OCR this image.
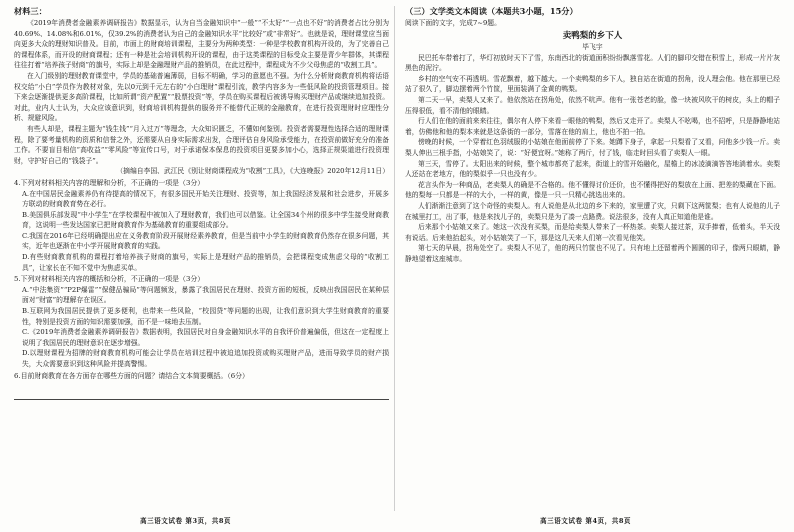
材料三：

《2019年消费者金融素养调研报告》数据显示，认为自当金融知识中“一般”“不太好”“一点也不好”的消费者占比分别为40.69%、14.08%和6.01%，仅39.2%的消费者认为自己的金融知识水平“比较好”或“非常好”。也就是说，理财课堂应当面向更多大众的理财知识普及。目前，市面上的财商培训课程，主要分为两种类型：一种是学校教育机构开设的，为了完善自己的课程体系，而开设的财商课程；还有一种是社会培训机构开设的课程，由于这类课程的目标受众主要是青少年群体，其课程往往打着“培养孩子财商”的旗号，实际上却是金融理财产品的推销员，在此过程中，课程成为不少父母焦虑的“收割工具”。

在入门级别的理财教育课堂中，学员的基础普遍薄弱，目标不明确，学习的意愿也不强。为什么分析财商教育机构将话语权交给“小白”学员作为教材对象，先以0元到千元左右的“小白理财”课程引流，教学内容多为一些低风险的投资管理项目。接下来会逐渐提供更多高阶课程，比如所谓“资产配置”“股票投资”等，学员在购买课程后被诱导购买理财产品或继续追加投资。对此，业内人士认为，大众应该意识到，财商培训机构提供的服务并不能替代正规的金融教育，在进行投资理财时应理性分析、规避风险。

有些人却是，课程主题为“钱生钱”“月入过万”等理念，大众知识匮乏，不懂如何鉴别。投资者需要理性选择合适的理财课程，除了要考量机构的资质和信誉之外，还需要从自身实际需求出发，合理评估自身风险承受能力，在投资前做好充分的准备工作。不要盲目相信“高收益”“零风险”等宣传口号，对于承诺保本保息的投资项目更要多加小心，选择正规渠道进行投资理财，守护好自己的“钱袋子”。

（摘编自李国、武江民《别让财商课程成为“收割”工具》，《大连晚报》2020年12月11日）

4.下列对材料相关内容的理解和分析，不正确的一项是（3分）

A.在中国居民金融素养仍有待提高的情况下，有很多国民开始关注理财、投资等，加上我国经济发展和社会进步，开展多方联动的财商教育势在必行。

B.美国俱乐部发现“中小学生”在学校课程中被加入了理财教育，我们也可以借鉴。让全国34个州的很多中学生接受财商教育，这说明一些发达国家已把财商教育作为基础教育的重要组成部分。

C.我国在2016年已经明确提出应在义务教育阶段开展财经素养教育，但是当前中小学生的财商教育仍然存在很多问题，其实，近年也逐渐在中小学开展财商教育的实践。

D.有些财商教育机构的课程打着培养孩子财商的旗号，实际上是理财产品的推销员，会把课程变成焦虑父母的“收割工具”，让家长在不知不觉中为焦虑买单。

5.下列对材料相关内容的概括和分析，不正确的一项是（3分）

A.“中法集资”“P2P爆雷”“保健品骗局”等问题频发，暴露了我国居民在理财、投资方面的短板，反映出我国居民在某种层面对“财富”的理解存在误区。

B.互联网为我国居民提供了更多便利，也带来一些风险，“校园贷”等问题的出现，让我们意识到大学生财商教育的重要性，特别是投资方面的知识需要加强，而不是一味地去压制。

C.《2019年消费者金融素养调研报告》数据表明，我国居民对自身金融知识水平的自我评价普遍偏低，但这在一定程度上说明了我国居民的理财意识在逐步增强。

D.以理财课程为招牌的财商教育机构可能会让学员在培训过程中被迫追加投资或购买理财产品，进而导致学员的财产损失，大众需要意识到这种风险并提高警惕。

6.目前财商教育在各方面存在哪些方面的问题？请结合文本简要概括。（6分）

（三）文学类文本阅读（本题共3小题，15分）

阅读下面的文字，完成7~9题。

卖鸭梨的乡下人
毕飞宇

民巴托车带着打了，华灯初放时天下了雪，东南西北的街道面积纷纷飘落雪花。人们的脚印交错在积雪上，形成一片片灰黑色的泥泞。

乡村的空气安不再透明。雪花飘着，越下越大。一个卖鸭梨的乡下人，独自站在街道的拐角，没人理会他。他在那里已经站了很久了，脚边摆着两个竹筐，里面装满了金黄的鸭梨。

第二天一早，卖梨人又来了。他依然站在拐角处，依然不吭声。他有一张苍老的脸，像一块被风吹干的树皮，头上的帽子压得很低，看不清他的眼睛。

行人们在他的面前来来往往，偶尔有人停下来看一眼他的鸭梨，然后又走开了。卖梨人不吆喝，也不招呼，只是静静地站着，仿佛他和他的梨本来就是这条街的一部分，雪落在他的肩上，他也不拍一拍。

傍晚的时候，一个穿着红色羽绒服的小姑娘在他面前停了下来。她蹲下身子，拿起一只梨看了又看，问他多少钱一斤。卖梨人伸出三根手指，小姑娘笑了，说：“好便宜呀。”她称了两斤，付了钱，临走时回头看了卖梨人一眼。

第三天，雪停了。太阳出来的时候，整个城市都亮了起来，街道上的雪开始融化，屋檐上的冰凌滴滴答答地淌着水。卖梨人还站在老地方，他的梨似乎一只也没有少。

花言头作为一种商品，老卖梨人的确是不合格的。他不懂得讨价还价，也不懂得把好的梨放在上面、把差的梨藏在下面。他的梨每一只都是一样的大小，一样的黄，像是一只一只精心挑选出来的。

人们渐渐注意到了这个奇怪的卖梨人。有人说他是从北边的乡下来的，家里遭了灾，只剩下这两筐梨；也有人说他的儿子在城里打工，出了事，他是来找儿子的，卖梨只是为了凑一点路费。说法很多，没有人真正知道他是谁。

后来那个小姑娘又来了。她这一次没有买梨，而是给卖梨人带来了一杯热茶。卖梨人接过茶，双手捧着，低着头，半天没有说话。后来他抬起头，对小姑娘笑了一下，那是这几天来人们第一次看见他笑。

第七天的早晨，拐角处空了。卖梨人不见了，他的两只竹筐也不见了。只有地上还留着两个圆圆的印子，像两只眼睛，静静地望着这座城市。

高三语文试卷 第3页，共8页	高三语文试卷 第4页，共8页
